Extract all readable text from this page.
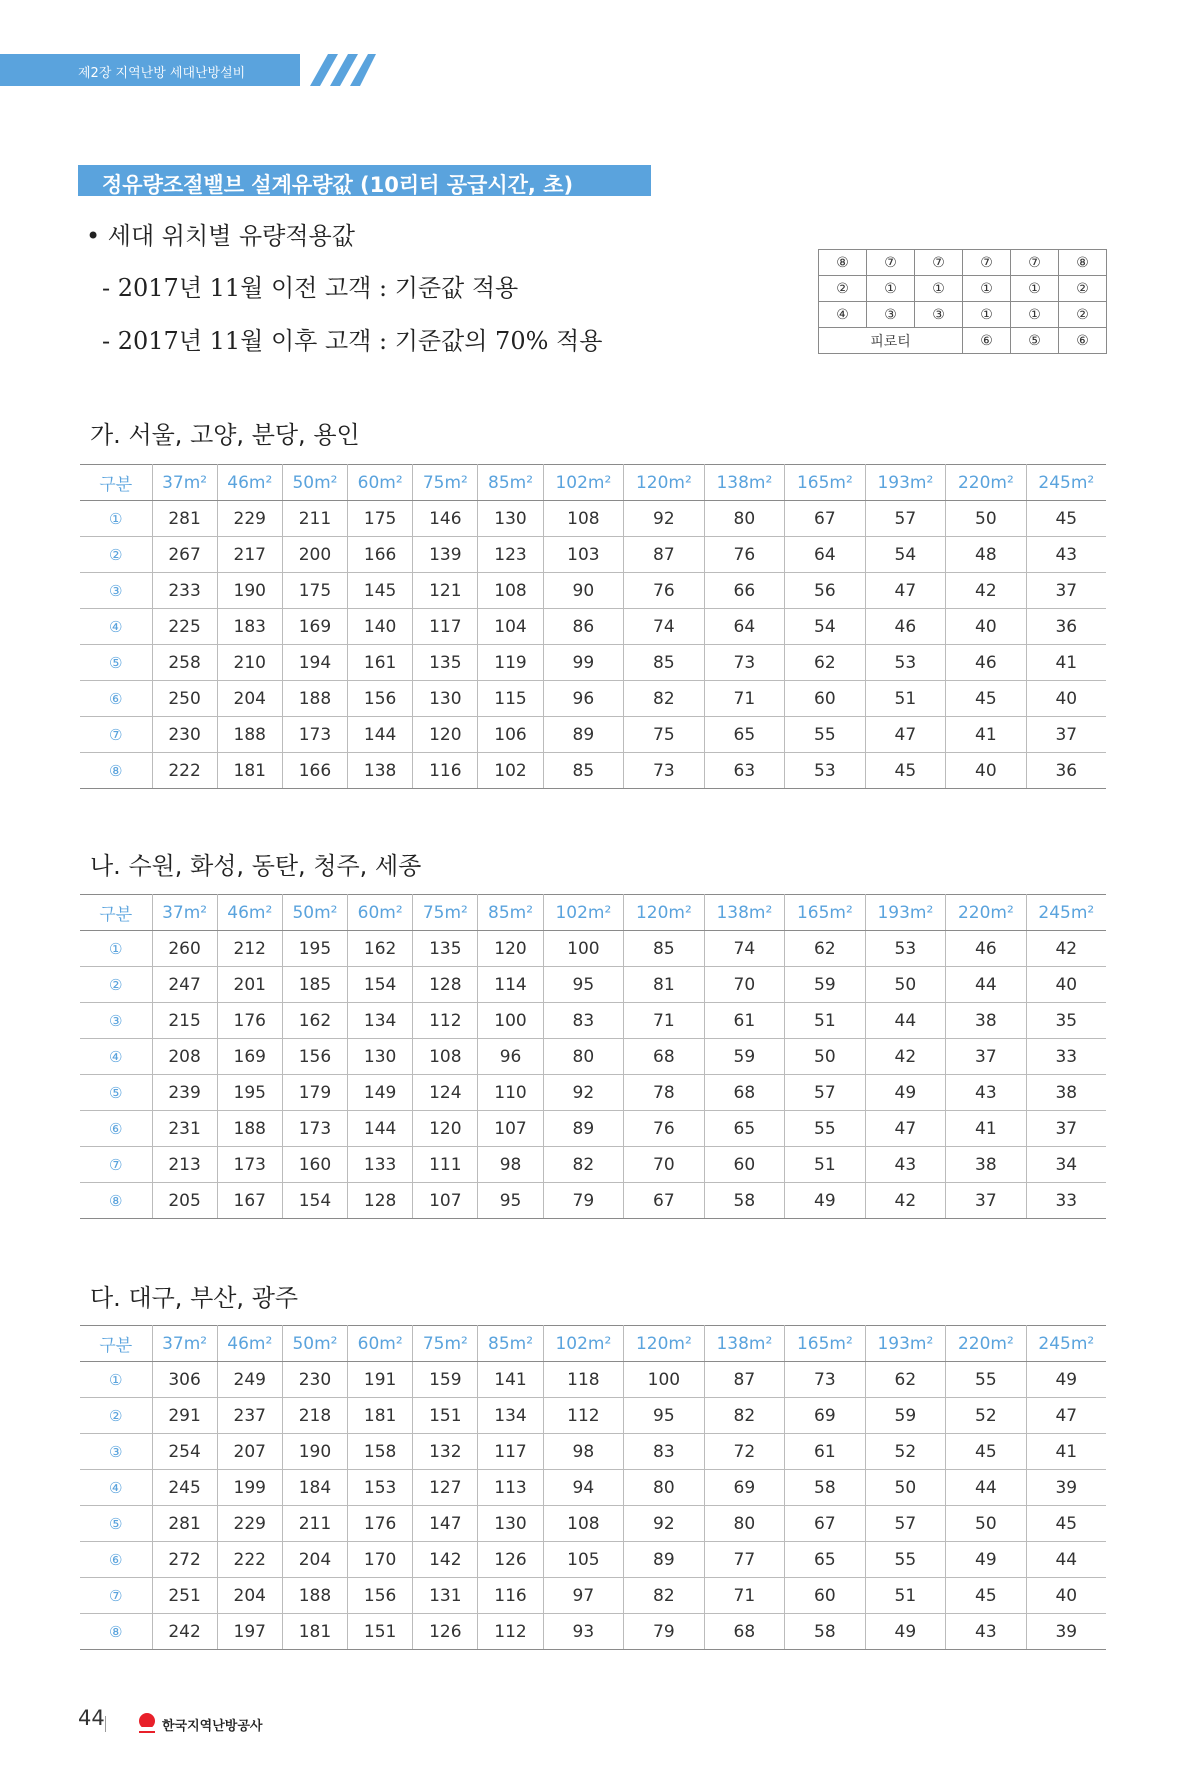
제2장 지역난방 세대난방설비
정유량조절밸브 설계유량값 (10리터 공급시간, 초)
• 세대 위치별 유량적용값
- 2017년 11월 이전 고객 : 기준값 적용
- 2017년 11월 이후 고객 : 기준값의 70% 적용
⑧	⑦	⑦	⑦	⑦	⑧
②	①	①	①	①	②
④	③	③	①	①	②
피로티			⑥	⑤	⑥
가. 서울, 고양, 분당, 용인
나. 수원, 화성, 동탄, 청주, 세종
다. 대구, 부산, 광주
구분	37m²	46m²	50m²	60m²	75m²	85m²	102m²	120m²	138m²	165m²	193m²	220m²	245m²
①	281	229	211	175	146	130	108	92	80	67	57	50	45
②	267	217	200	166	139	123	103	87	76	64	54	48	43
③	233	190	175	145	121	108	90	76	66	56	47	42	37
④	225	183	169	140	117	104	86	74	64	54	46	40	36
⑤	258	210	194	161	135	119	99	85	73	62	53	46	41
⑥	250	204	188	156	130	115	96	82	71	60	51	45	40
⑦	230	188	173	144	120	106	89	75	65	55	47	41	37
⑧	222	181	166	138	116	102	85	73	63	53	45	40	36
구분	37m²	46m²	50m²	60m²	75m²	85m²	102m²	120m²	138m²	165m²	193m²	220m²	245m²
①	260	212	195	162	135	120	100	85	74	62	53	46	42
②	247	201	185	154	128	114	95	81	70	59	50	44	40
③	215	176	162	134	112	100	83	71	61	51	44	38	35
④	208	169	156	130	108	96	80	68	59	50	42	37	33
⑤	239	195	179	149	124	110	92	78	68	57	49	43	38
⑥	231	188	173	144	120	107	89	76	65	55	47	41	37
⑦	213	173	160	133	111	98	82	70	60	51	43	38	34
⑧	205	167	154	128	107	95	79	67	58	49	42	37	33
구분	37m²	46m²	50m²	60m²	75m²	85m²	102m²	120m²	138m²	165m²	193m²	220m²	245m²
①	306	249	230	191	159	141	118	100	87	73	62	55	49
②	291	237	218	181	151	134	112	95	82	69	59	52	47
③	254	207	190	158	132	117	98	83	72	61	52	45	41
④	245	199	184	153	127	113	94	80	69	58	50	44	39
⑤	281	229	211	176	147	130	108	92	80	67	57	50	45
⑥	272	222	204	170	142	126	105	89	77	65	55	49	44
⑦	251	204	188	156	131	116	97	82	71	60	51	45	40
⑧	242	197	181	151	126	112	93	79	68	58	49	43	39
44	한국지역난방공사
